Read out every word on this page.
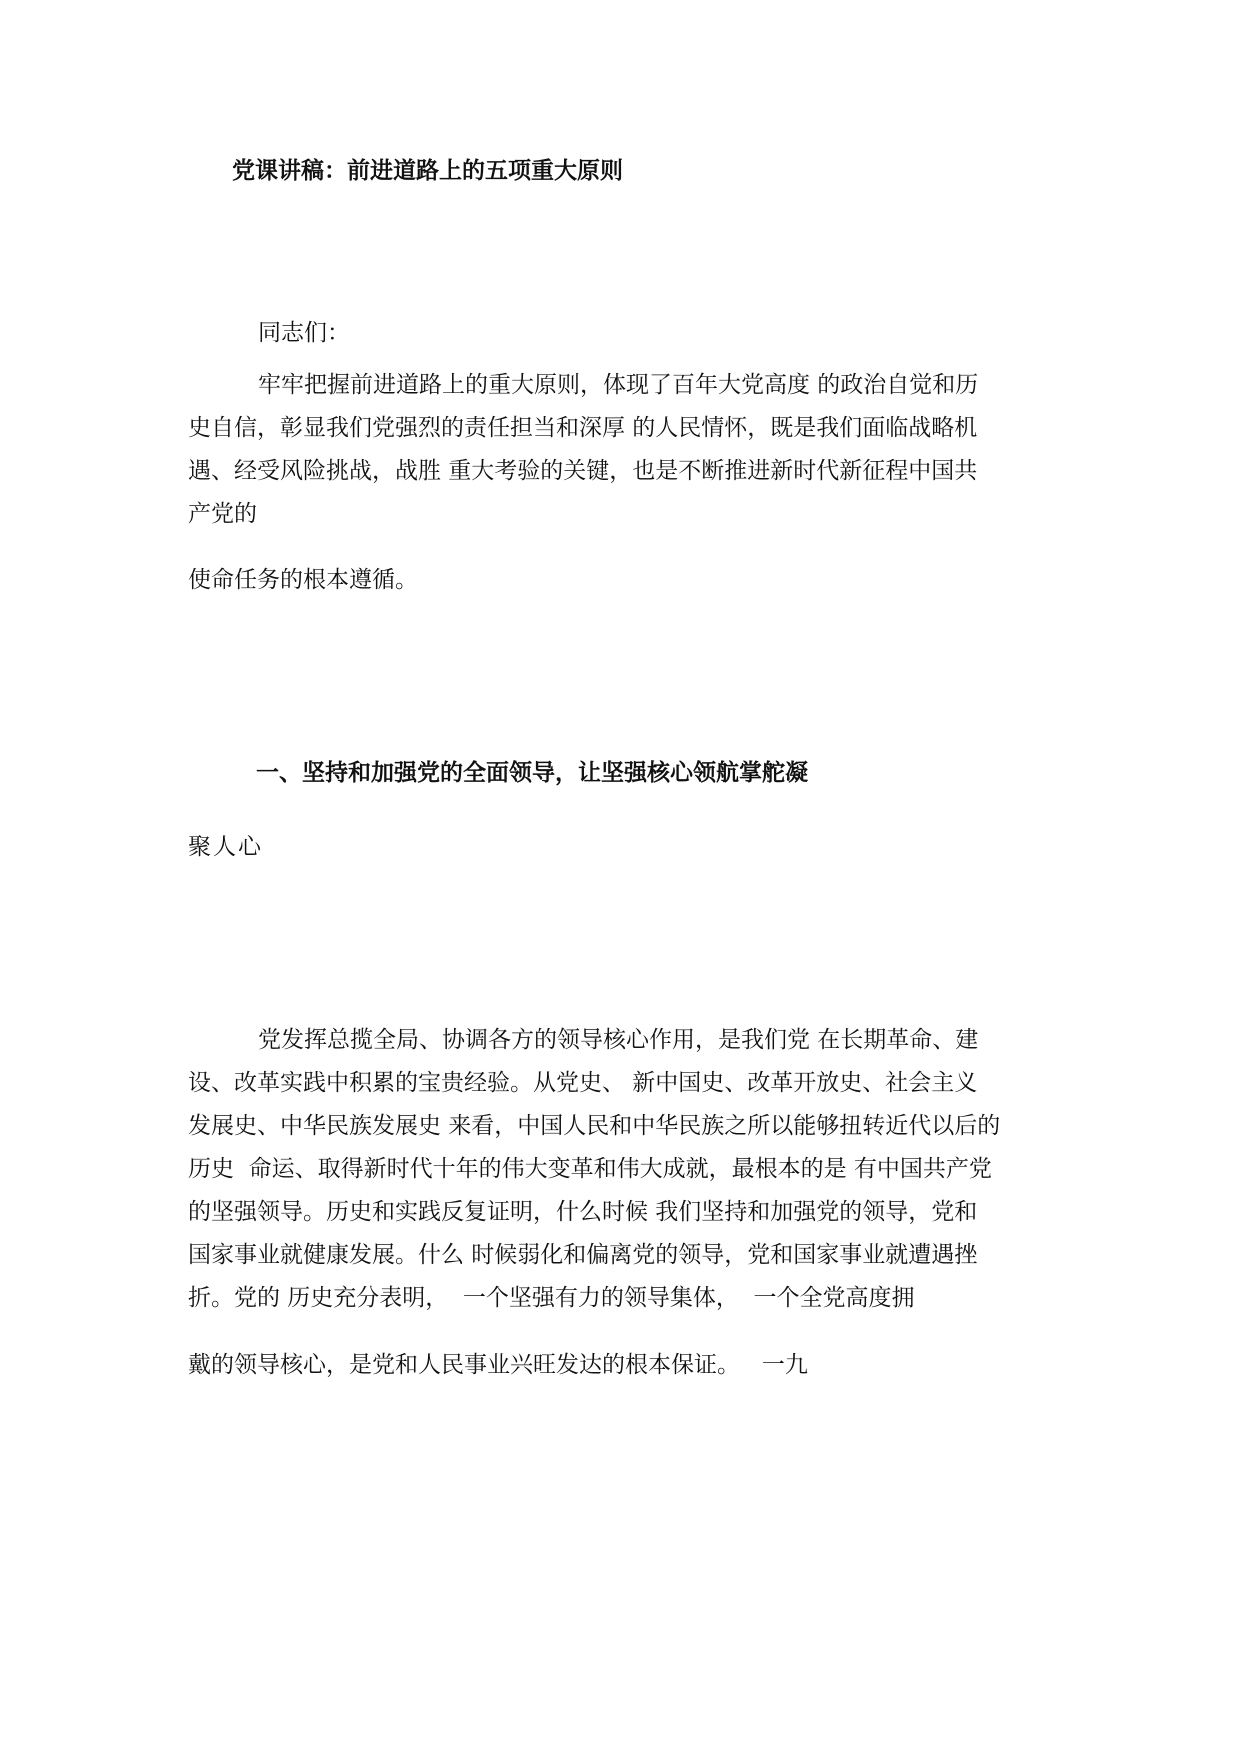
党课讲稿：前进道路上的五项重大原则
同志们：
牢牢把握前进道路上的重大原则，体现了百年大党高度 的政治自觉和历
史自信，彰显我们党强烈的责任担当和深厚 的人民情怀，既是我们面临战略机
遇、经受风险挑战，战胜 重大考验的关键，也是不断推进新时代新征程中国共
产党的
使命任务的根本遵循。
一、坚持和加强党的全面领导，让坚强核心领航掌舵凝
聚人心
党发挥总揽全局、协调各方的领导核心作用，是我们党 在长期革命、建
设、改革实践中积累的宝贵经验。从党史、 新中国史、改革开放史、社会主义
发展史、中华民族发展史 来看，中国人民和中华民族之所以能够扭转近代以后的
历史  命运、取得新时代十年的伟大变革和伟大成就，最根本的是 有中国共产党
的坚强领导。历史和实践反复证明，什么时候 我们坚持和加强党的领导，党和
国家事业就健康发展。什么 时候弱化和偏离党的领导，党和国家事业就遭遇挫
折。党的 历史充分表明，  一个坚强有力的领导集体，  一个全党高度拥
戴的领导核心，是党和人民事业兴旺发达的根本保证。   一九
